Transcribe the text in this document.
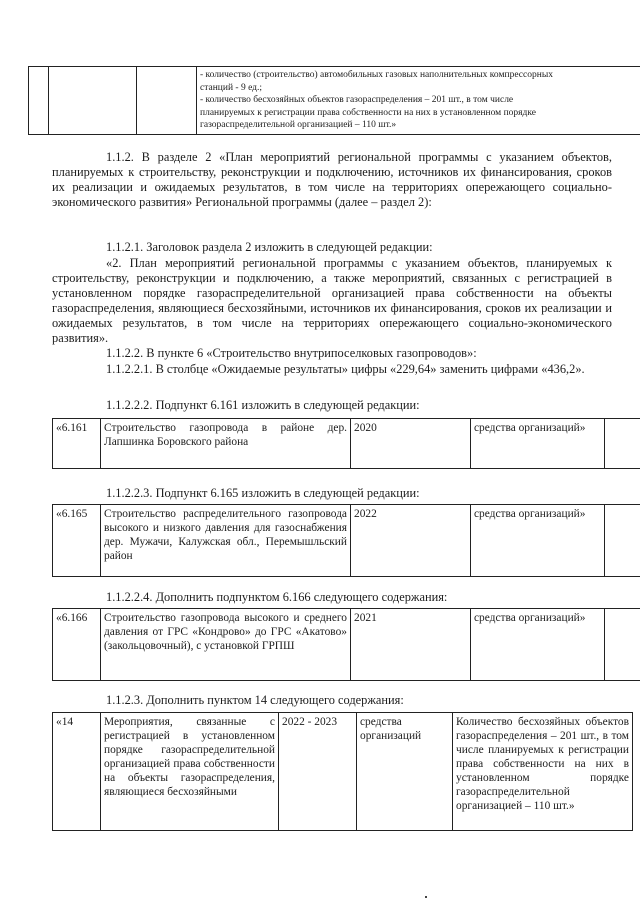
- количество (строительство) автомобильных газовых наполнительных компрессорных
станций - 9 ед.;
- количество бесхозяйных объектов газораспределения – 201 шт., в том числе
планируемых к регистрации права собственности на них в установленном порядке
газораспределительной организацией – 110 шт.»

1.1.2. В разделе 2 «План мероприятий региональной программы с указанием объектов, планируемых к строительству, реконструкции и подключению, источников их финансирования, сроков их реализации и ожидаемых результатов, в том числе на территориях опережающего социально-экономического развития» Региональной программы (далее – раздел 2):

1.1.2.1. Заголовок раздела 2 изложить в следующей редакции:

«2. План мероприятий региональной программы с указанием объектов, планируемых к строительству, реконструкции и подключению, а также мероприятий, связанных с регистрацией в установленном порядке газораспределительной организацией права собственности на объекты газораспределения, являющиеся бесхозяйными, источников их финансирования, сроков их реализации и ожидаемых результатов, в том числе на территориях опережающего социально-экономического развития».

1.1.2.2. В пункте 6 «Строительство внутрипоселковых газопроводов»:

1.1.2.2.1. В столбце «Ожидаемые результаты» цифры «229,64» заменить цифрами «436,2».

1.1.2.2.2. Подпункт 6.161 изложить в следующей редакции:
«6.161	Строительство газопровода в районе дер. Лапшинка Боровского района	2020	средства организаций»	
1.1.2.2.3. Подпункт 6.165 изложить в следующей редакции:
«6.165	Строительство распределительного газопровода высокого и низкого давления для газоснабжения дер. Мужачи, Калужская обл., Перемышльский район	2022	средства организаций»	
1.1.2.2.4. Дополнить подпунктом 6.166 следующего содержания:
«6.166	Строительство газопровода высокого и среднего давления от ГРС «Кондрово» до ГРС «Акатово» (закольцовочный), с установкой ГРПШ	2021	средства организаций»	
1.1.2.3. Дополнить пунктом 14 следующего содержания:
«14	Мероприятия, связанные с регистрацией в установленном порядке газораспределительной организацией права собственности на объекты газораспределения, являющиеся бесхозяйными	2022 - 2023	средства организаций	Количество бесхозяйных объектов газораспределения – 201 шт., в том числе планируемых к регистрации права собственности на них в установленном порядке газораспределительной организацией – 110 шт.»
